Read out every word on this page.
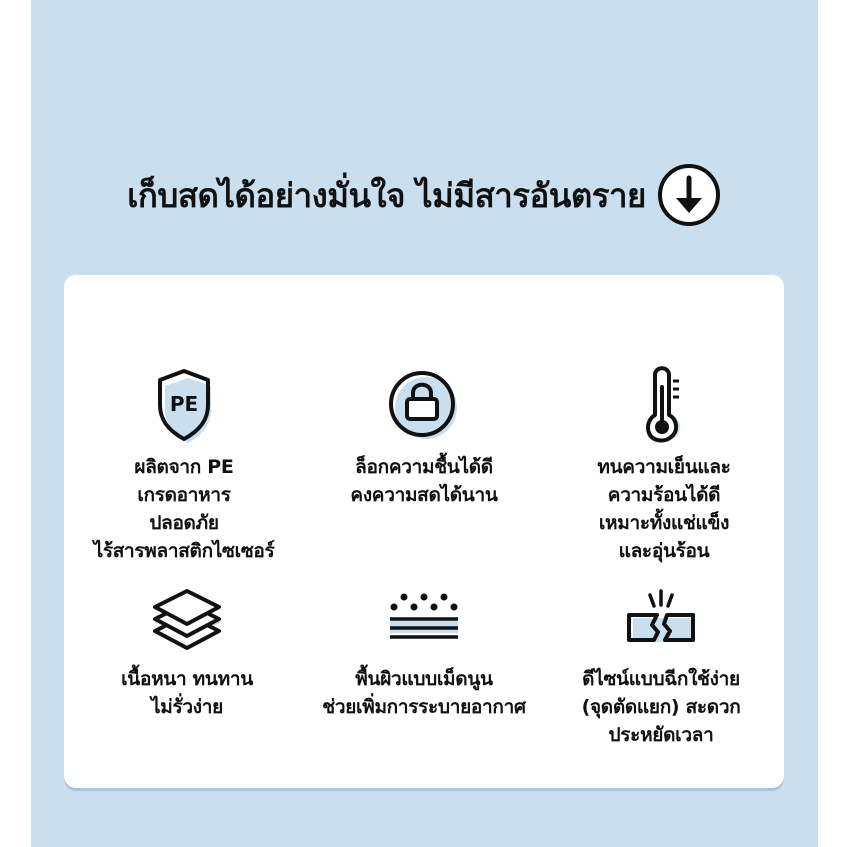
เก็บสดได้อย่างมั่นใจ ไม่มีสารอันตราย
PE
ผลิตจาก PE
เกรดอาหาร
ปลอดภัย
ไร้สารพลาสติกไซเซอร์
ล็อกความชื้นได้ดี
คงความสดได้นาน
ทนความเย็นและ
ความร้อนได้ดี
เหมาะทั้งแช่แข็ง
และอุ่นร้อน
เนื้อหนา ทนทาน
ไม่รั่วง่าย
พื้นผิวแบบเม็ดนูน
ช่วยเพิ่มการระบายอากาศ
ดีไซน์แบบฉีกใช้ง่าย
(จุดตัดแยก) สะดวก
ประหยัดเวลา
